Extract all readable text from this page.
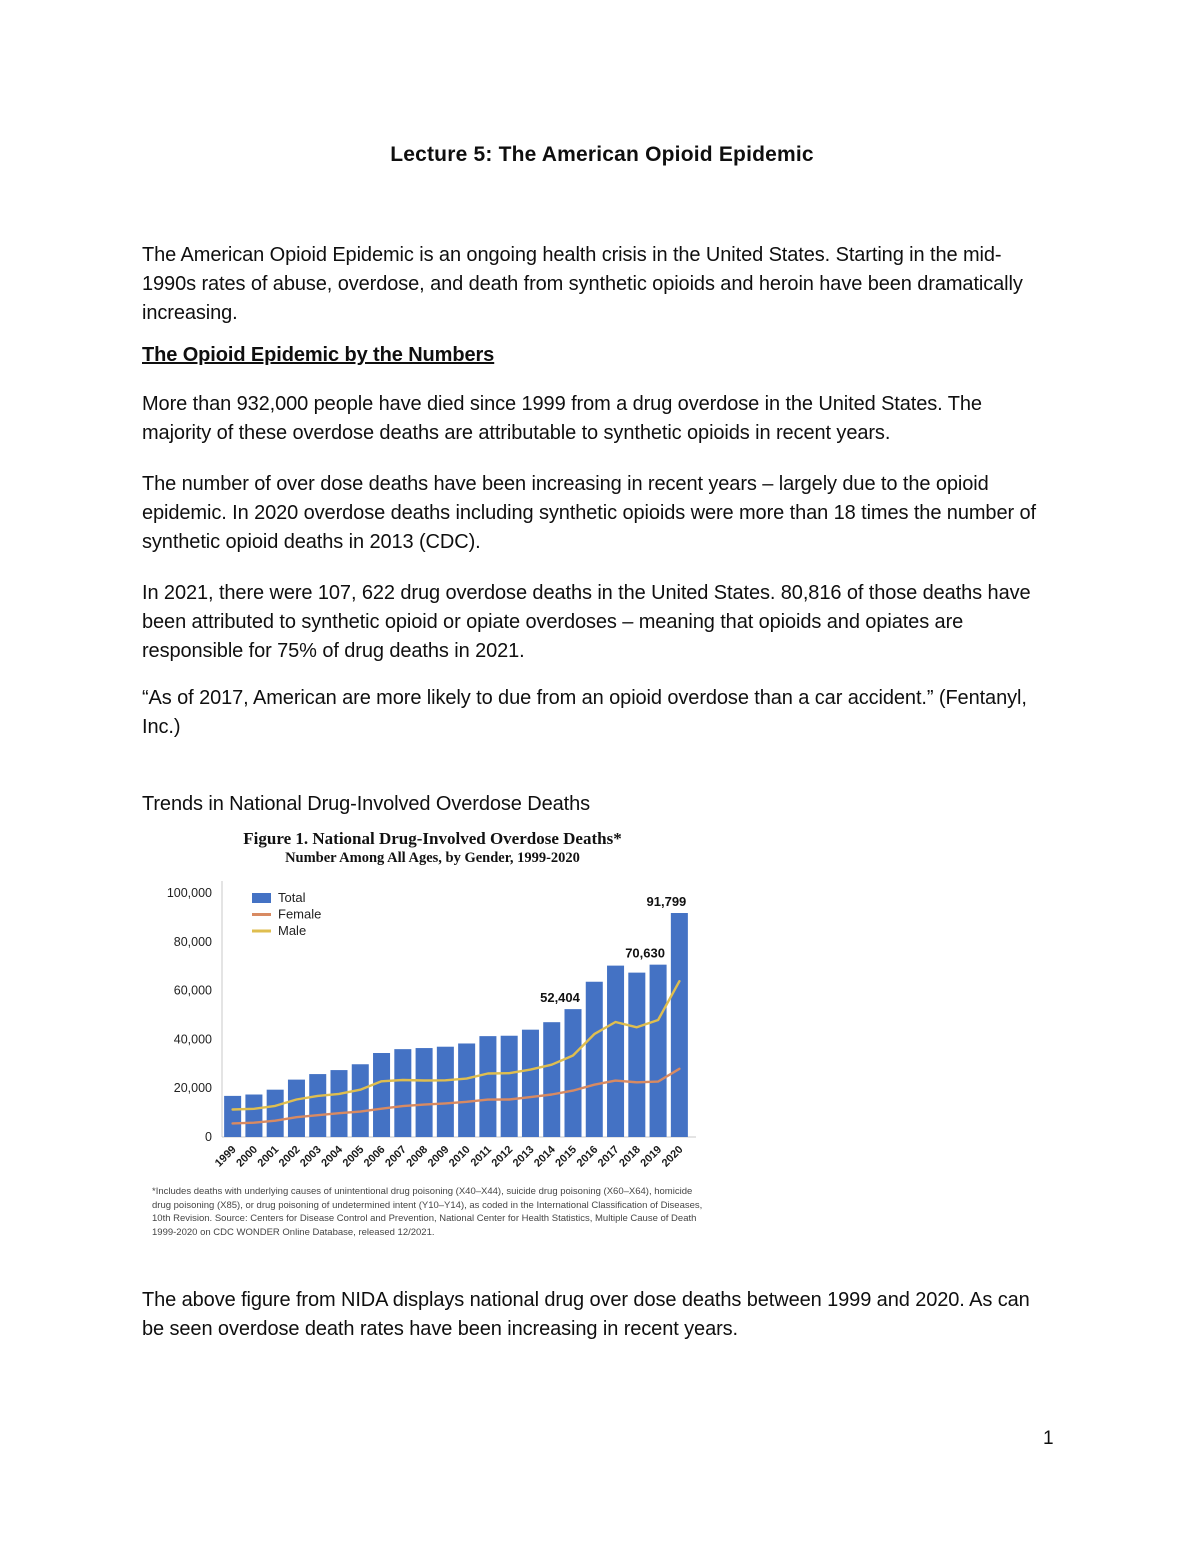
Lecture 5: The American Opioid Epidemic

The American Opioid Epidemic is an ongoing health crisis in the United States. Starting in the mid-1990s rates of abuse, overdose, and death from synthetic opioids and heroin have been dramatically increasing.

The Opioid Epidemic by the Numbers

More than 932,000 people have died since 1999 from a drug overdose in the United States. The majority of these overdose deaths are attributable to synthetic opioids in recent years.

The number of over dose deaths have been increasing in recent years – largely due to the opioid epidemic. In 2020 overdose deaths including synthetic opioids were more than 18 times the number of synthetic opioid deaths in 2013 (CDC).

In 2021, there were 107, 622 drug overdose deaths in the United States. 80,816 of those deaths have been attributed to synthetic opioid or opiate overdoses – meaning that opioids and opiates are responsible for 75% of drug deaths in 2021.

“As of 2017, American are more likely to due from an opioid overdose than a car accident.” (Fentanyl, Inc.)

Trends in National Drug-Involved Overdose Deaths
Figure 1. National Drug-Involved Overdose Deaths*
Number Among All Ages, by Gender, 1999-2020
0
20,000
40,000
60,000
80,000
100,000
1999
2000
2001
2002
2003
2004
2005
2006
2007
2008
2009
2010
2011
2012
2013
2014
2015
2016
2017
2018
2019
2020
52,404
70,630
91,799
Total
Female
Male
*Includes deaths with underlying causes of unintentional drug poisoning (X40–X44), suicide drug poisoning (X60–X64), homicide drug poisoning (X85), or drug poisoning of undetermined intent (Y10–Y14), as coded in the International Classification of Diseases, 10th Revision. Source: Centers for Disease Control and Prevention, National Center for Health Statistics, Multiple Cause of Death 1999-2020 on CDC WONDER Online Database, released 12/2021.

The above figure from NIDA displays national drug over dose deaths between 1999 and 2020. As can be seen overdose death rates have been increasing in recent years.

1
